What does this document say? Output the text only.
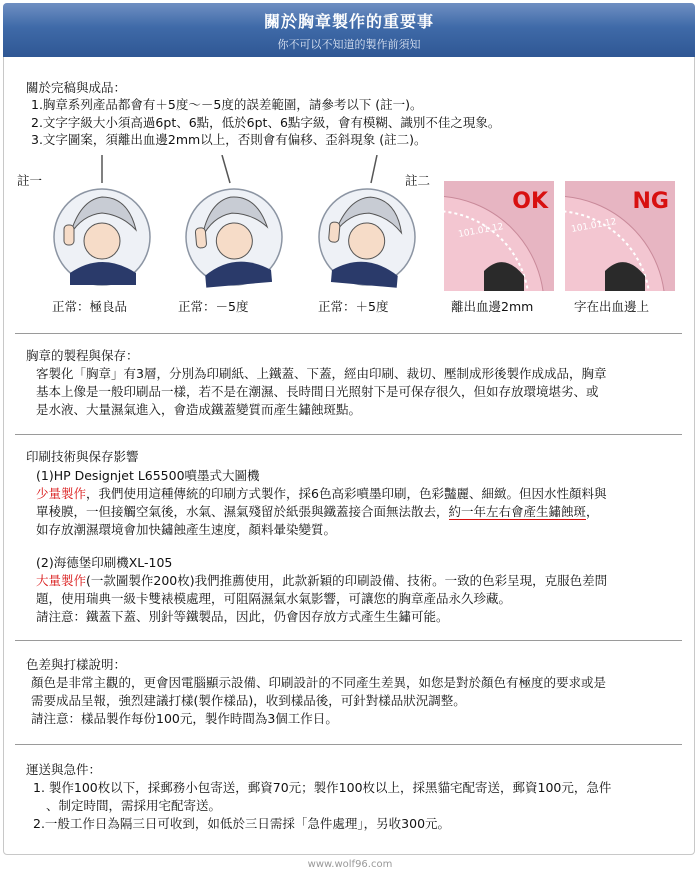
關於胸章製作的重要事
你不可以不知道的製作前須知
關於完稿與成品：
1.胸章系列產品都會有＋5度～－5度的誤差範圍，請參考以下 (註一)。
2.文字字級大小須高過6pt、6點，低於6pt、6點字級，會有模糊、識別不佳之現象。
3.文字圖案，須離出血邊2mm以上，否則會有偏移、歪斜現象 (註二)。
註一	註二
OK
101.01.12
NG
101.01.12
正常：極良品	正常：－5度	正常：＋5度	離出血邊2mm	字在出血邊上
胸章的製程與保存：
客製化「胸章」有3層，分別為印刷紙、上鐵蓋、下蓋，經由印刷、裁切、壓制成形後製作成成品，胸章
基本上像是一般印刷品一樣，若不是在潮濕、長時間日光照射下是可保存很久，但如存放環境堪劣、或
是水液、大量濕氣進入，會造成鐵蓋變質而產生鏽蝕斑點。
印刷技術與保存影響
(1)HP Designjet L65500噴墨式大圖機
少量製作，我們使用這種傳統的印刷方式製作，採6色高彩噴墨印刷，色彩豔麗、細緻。但因水性顏料與
單稜膜，一但接觸空氣後，水氣、濕氣殘留於紙張與鐵蓋接合面無法散去，約一年左右會產生鏽蝕斑，
如存放潮濕環境會加快鏽蝕產生速度，顏料暈染變質。
(2)海德堡印刷機XL-105
大量製作(一款圖製作200枚)我們推薦使用，此款新穎的印刷設備、技術。一致的色彩呈現，克服色差問
題，使用瑞典一級卡雙裱模處理，可阻隔濕氣水氣影響，可讓您的胸章產品永久珍藏。
請注意：鐵蓋下蓋、別針等鐵製品，因此，仍會因存放方式產生生鏽可能。
色差與打樣說明：
顏色是非常主觀的，更會因電腦顯示設備、印刷設計的不同產生差異，如您是對於顏色有極度的要求或是
需要成品呈報，強烈建議打樣(製作樣品)，收到樣品後，可針對樣品狀況調整。
請注意：樣品製作每份100元，製作時間為3個工作日。
運送與急件：
1. 製作100枚以下，採郵務小包寄送，郵資70元；製作100枚以上，採黑貓宅配寄送，郵資100元，急件
、制定時間，需採用宅配寄送。
2.一般工作日為隔三日可收到，如低於三日需採「急件處理」，另收300元。
www.wolf96.com
